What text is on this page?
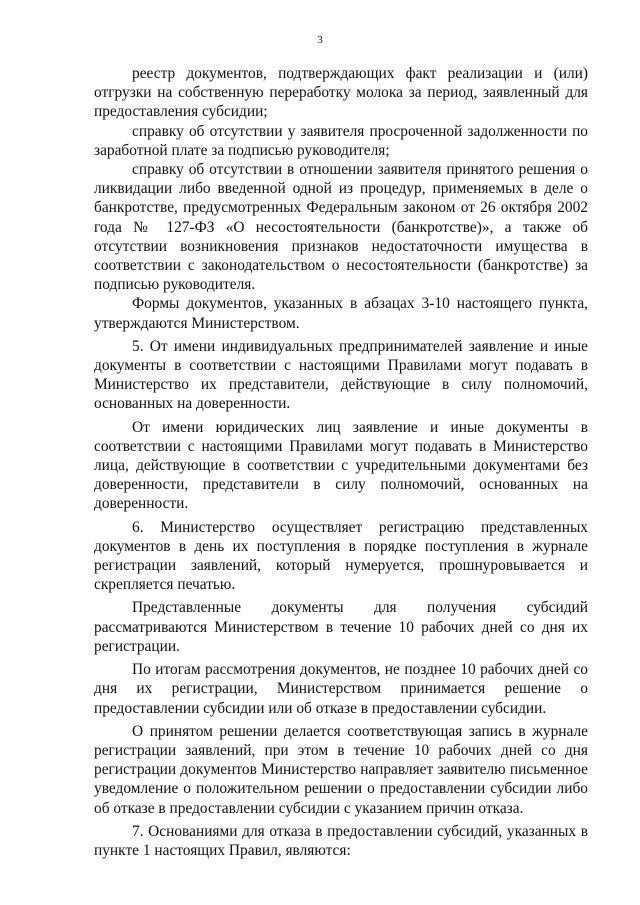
3

реестр документов, подтверждающих факт реализации и (или) отгрузки на собственную переработку молока за период, заявленный для предоставления субсидии;

справку об отсутствии у заявителя просроченной задолженности по заработной плате за подписью руководителя;

справку об отсутствии в отношении заявителя принятого решения о ликвидации либо введенной одной из процедур, применяемых в деле о банкротстве, предусмотренных Федеральным законом от 26 октября 2002 года № 127-ФЗ «О несостоятельности (банкротстве)», а также об отсутствии возникновения признаков недостаточности имущества в соответствии с законодательством о несостоятельности (банкротстве) за подписью руководителя.

Формы документов, указанных в абзацах 3-10 настоящего пункта, утверждаются Министерством.

5. От имени индивидуальных предпринимателей заявление и иные документы в соответствии с настоящими Правилами могут подавать в Министерство их представители, действующие в силу полномочий, основанных на доверенности.

От имени юридических лиц заявление и иные документы в соответствии с настоящими Правилами могут подавать в Министерство лица, действующие в соответствии с учредительными документами без доверенности, представители в силу полномочий, основанных на доверенности.

6. Министерство осуществляет регистрацию представленных документов в день их поступления в порядке поступления в журнале регистрации заявлений, который нумеруется, прошнуровывается и скрепляется печатью.

Представленные документы для получения субсидий рассматриваются Министерством в течение 10 рабочих дней со дня их регистрации.

По итогам рассмотрения документов, не позднее 10 рабочих дней со дня их регистрации, Министерством принимается решение о предоставлении субсидии или об отказе в предоставлении субсидии.

О принятом решении делается соответствующая запись в журнале регистрации заявлений, при этом в течение 10 рабочих дней со дня регистрации документов Министерство направляет заявителю письменное уведомление о положительном решении о предоставлении субсидии либо об отказе в предоставлении субсидии с указанием причин отказа.

7. Основаниями для отказа в предоставлении субсидий, указанных в пункте 1 настоящих Правил, являются:
